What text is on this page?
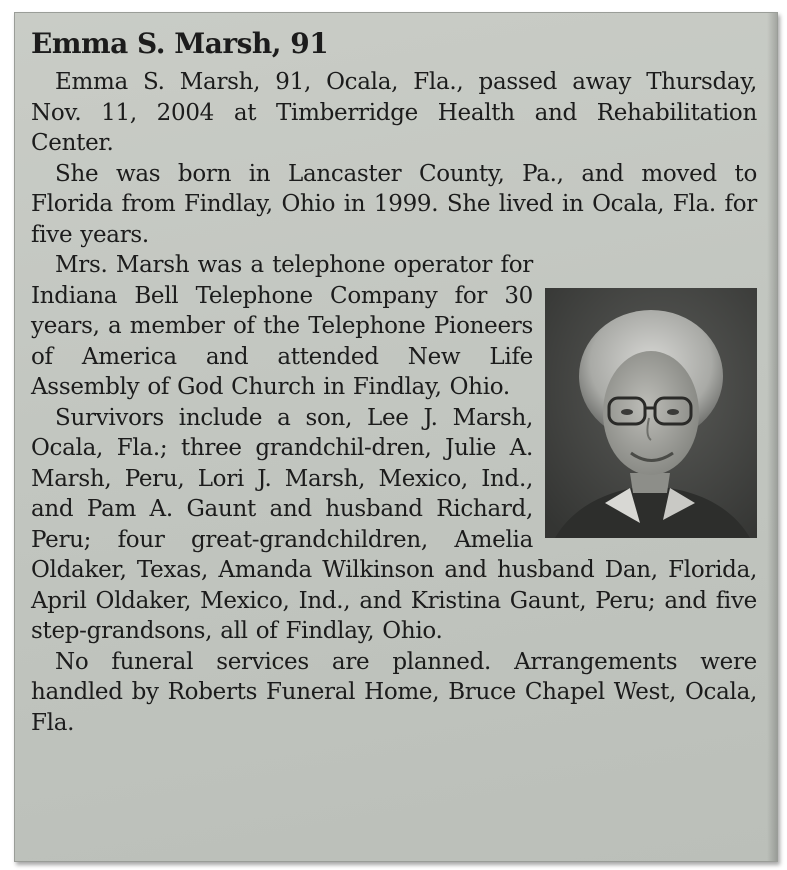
Emma S. Marsh, 91

Emma S. Marsh, 91, Ocala, Fla., passed away Thursday, Nov. 11, 2004 at Timberridge Health and Rehabilitation Center.

She was born in Lancaster County, Pa., and moved to Florida from Findlay, Ohio in 1999. She lived in Ocala, Fla. for five years.

Mrs. Marsh was a telephone operator for Indiana Bell Telephone Company for 30 years, a member of the Telephone Pioneers of America and attended New Life Assembly of God Church in Findlay, Ohio.

Survivors include a son, Lee J. Marsh, Ocala, Fla.; three grandchil-dren, Julie A. Marsh, Peru, Lori J. Marsh, Mexico, Ind., and Pam A. Gaunt and husband Richard, Peru; four great-grandchildren, Amelia Oldaker, Texas, Amanda Wilkinson and husband Dan, Florida, April Oldaker, Mexico, Ind., and Kristina Gaunt, Peru; and five step-grandsons, all of Findlay, Ohio.

No funeral services are planned. Arrangements were handled by Roberts Funeral Home, Bruce Chapel West, Ocala, Fla.
